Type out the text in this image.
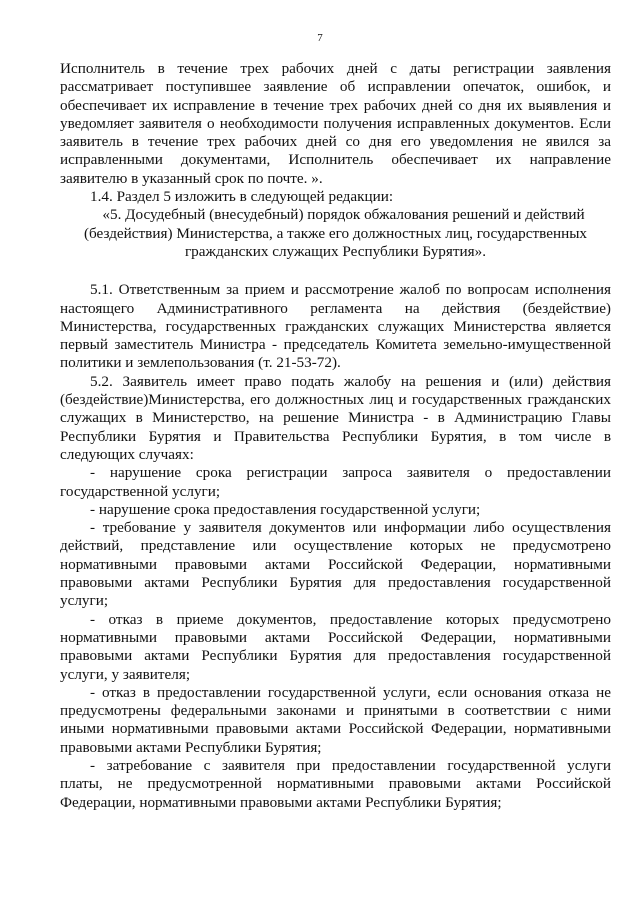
7

Исполнитель в течение трех рабочих дней с даты регистрации заявления

рассматривает поступившее заявление об исправлении опечаток, ошибок, и

обеспечивает их исправление в течение трех рабочих дней со дня их выявления и

уведомляет заявителя о необходимости получения исправленных документов. Если

заявитель в течение трех рабочих дней со дня его уведомления не явился за

исправленными документами, Исполнитель обеспечивает их направление

заявителю в указанный срок по почте. ».

1.4. Раздел 5 изложить в следующей редакции:

«5. Досудебный (внесудебный) порядок обжалования решений и действий

(бездействия) Министерства, а также его должностных лиц, государственных

гражданских служащих Республики Бурятия».

5.1. Ответственным за прием и рассмотрение жалоб по вопросам исполнения

настоящего Административного регламента на действия (бездействие)

Министерства, государственных гражданских служащих Министерства является

первый заместитель Министра - председатель Комитета земельно-имущественной

политики и землепользования (т. 21-53-72).

5.2. Заявитель имеет право подать жалобу на решения и (или) действия

(бездействие)Министерства, его должностных лиц и государственных гражданских

служащих в Министерство, на решение Министра - в Администрацию Главы

Республики Бурятия и Правительства Республики Бурятия, в том числе в

следующих случаях:

- нарушение срока регистрации запроса заявителя о предоставлении

государственной услуги;

- нарушение срока предоставления государственной услуги;

- требование у заявителя документов или информации либо осуществления

действий, представление или осуществление которых не предусмотрено

нормативными правовыми актами Российской Федерации, нормативными

правовыми актами Республики Бурятия для предоставления государственной

услуги;

- отказ в приеме документов, предоставление которых предусмотрено

нормативными правовыми актами Российской Федерации, нормативными

правовыми актами Республики Бурятия для предоставления государственной

услуги, у заявителя;

- отказ в предоставлении государственной услуги, если основания отказа не

предусмотрены федеральными законами и принятыми в соответствии с ними

иными нормативными правовыми актами Российской Федерации, нормативными

правовыми актами Республики Бурятия;

- затребование с заявителя при предоставлении государственной услуги

платы, не предусмотренной нормативными правовыми актами Российской

Федерации, нормативными правовыми актами Республики Бурятия;
